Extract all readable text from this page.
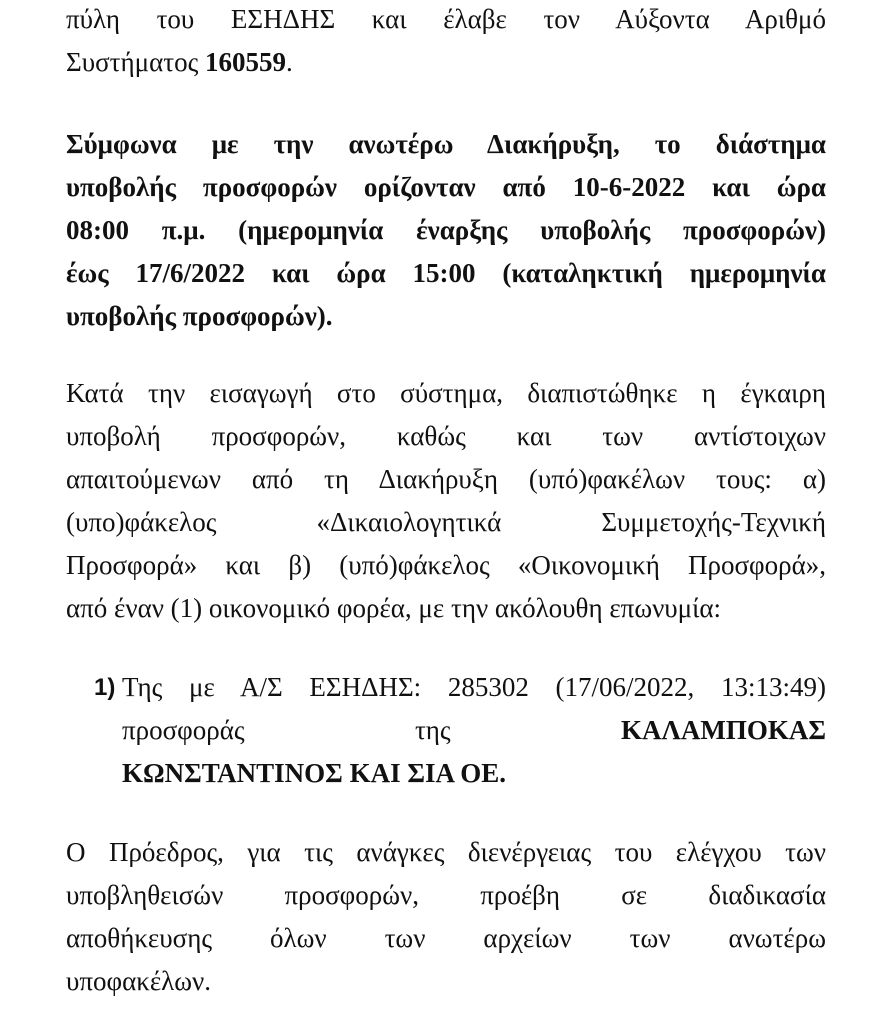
πύλη του ΕΣΗΔΗΣ και έλαβε τον Αύξοντα Αριθμό
Συστήματος 160559.
Σύμφωνα με την ανωτέρω Διακήρυξη, το διάστημα
υποβολής προσφορών ορίζονταν από 10-6-2022 και ώρα
08:00 π.μ. (ημερομηνία έναρξης υποβολής προσφορών)
έως 17/6/2022 και ώρα 15:00 (καταληκτική ημερομηνία
υποβολής προσφορών).
Κατά την εισαγωγή στο σύστημα, διαπιστώθηκε η έγκαιρη
υποβολή προσφορών, καθώς και των αντίστοιχων
απαιτούμενων από τη Διακήρυξη (υπό)φακέλων τους: α)
(υπο)φάκελος «Δικαιολογητικά Συμμετοχής-Τεχνική
Προσφορά» και β) (υπό)φάκελος «Οικονομική Προσφορά»,
από έναν (1) οικονομικό φορέα, με την ακόλουθη επωνυμία:
1) Της με Α/Σ ΕΣΗΔΗΣ: 285302 (17/06/2022, 13:13:49)
προσφοράς της	ΚΑΛΑΜΠΟΚΑΣ
ΚΩΝΣΤΑΝΤΙΝΟΣ ΚΑΙ ΣΙΑ ΟΕ.
Ο Πρόεδρος, για τις ανάγκες διενέργειας του ελέγχου των
υποβληθεισών προσφορών, προέβη σε διαδικασία
αποθήκευσης όλων των αρχείων των ανωτέρω
υποφακέλων.
